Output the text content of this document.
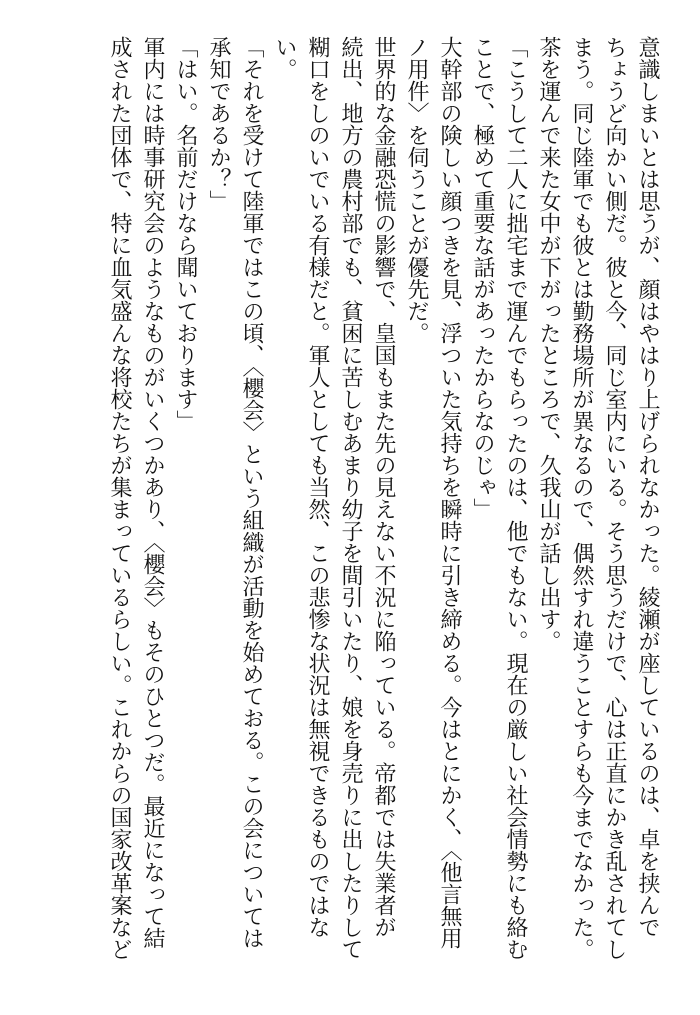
意識しまいとは思うが、顔はやはり上げられなかった。綾瀬が座しているのは、卓を挟んで

ちょうど向かい側だ。彼と今、同じ室内にいる。そう思うだけで、心は正直にかき乱されてし

まう。同じ陸軍でも彼とは勤務場所が異なるので、偶然すれ違うことすらも今までなかった。

茶を運んで来た女中が下がったところで、久我山が話し出す。

「こうして二人に拙宅まで運んでもらったのは、他でもない。現在の厳しい社会情勢にも絡む

ことで、極めて重要な話があったからなのじゃ」

大幹部の険しい顔つきを見、浮ついた気持ちを瞬時に引き締める。今はとにかく、〈他言無用

ノ用件〉を伺うことが優先だ。

世界的な金融恐慌の影響で、皇国もまた先の見えない不況に陥っている。帝都では失業者が

続出、地方の農村部でも、貧困に苦しむあまり幼子を間引いたり、娘を身売りに出したりして

糊口をしのいでいる有様だと。軍人としても当然、この悲惨な状況は無視できるものではな

い。

「それを受けて陸軍ではこの頃、〈櫻会〉という組織が活動を始めておる。この会については

承知であるか？」

「はい。名前だけなら聞いております」

軍内には時事研究会のようなものがいくつかあり、〈櫻会〉もそのひとつだ。最近になって結

成された団体で、特に血気盛んな将校たちが集まっているらしい。これからの国家改革案など
